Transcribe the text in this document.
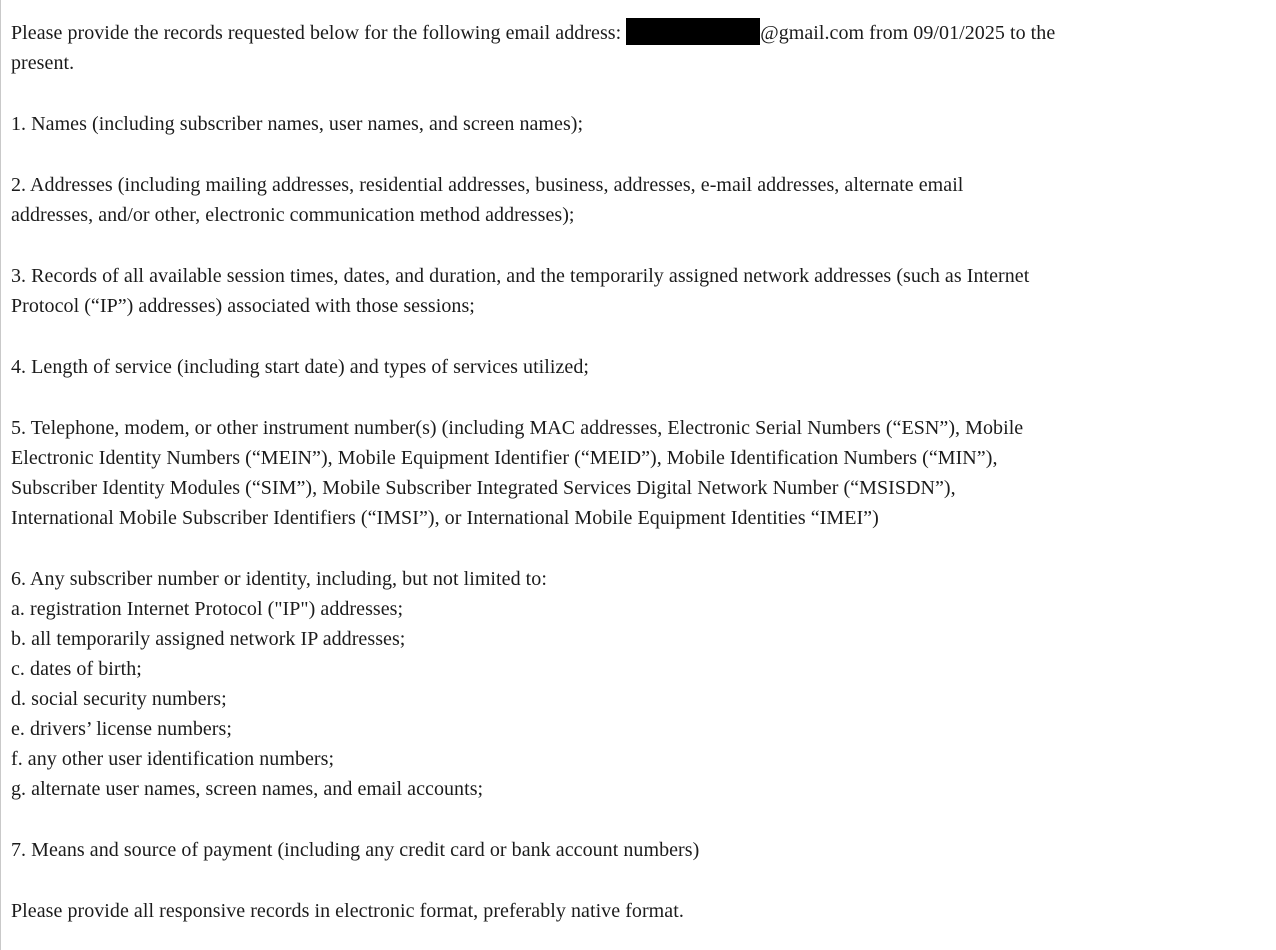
Please provide the records requested below for the following email address:	@gmail.com from 09/01/2025 to the
present.
1. Names (including subscriber names, user names, and screen names);
2. Addresses (including mailing addresses, residential addresses, business, addresses, e-mail addresses, alternate email
addresses, and/or other, electronic communication method addresses);
3. Records of all available session times, dates, and duration, and the temporarily assigned network addresses (such as Internet
Protocol (“IP”) addresses) associated with those sessions;
4. Length of service (including start date) and types of services utilized;
5. Telephone, modem, or other instrument number(s) (including MAC addresses, Electronic Serial Numbers (“ESN”), Mobile
Electronic Identity Numbers (“MEIN”), Mobile Equipment Identifier (“MEID”), Mobile Identification Numbers (“MIN”),
Subscriber Identity Modules (“SIM”), Mobile Subscriber Integrated Services Digital Network Number (“MSISDN”),
International Mobile Subscriber Identifiers (“IMSI”), or International Mobile Equipment Identities “IMEI”)
6. Any subscriber number or identity, including, but not limited to:
a. registration Internet Protocol ("IP") addresses;
b. all temporarily assigned network IP addresses;
c. dates of birth;
d. social security numbers;
e. drivers’ license numbers;
f. any other user identification numbers;
g. alternate user names, screen names, and email accounts;
7. Means and source of payment (including any credit card or bank account numbers)
Please provide all responsive records in electronic format, preferably native format.
